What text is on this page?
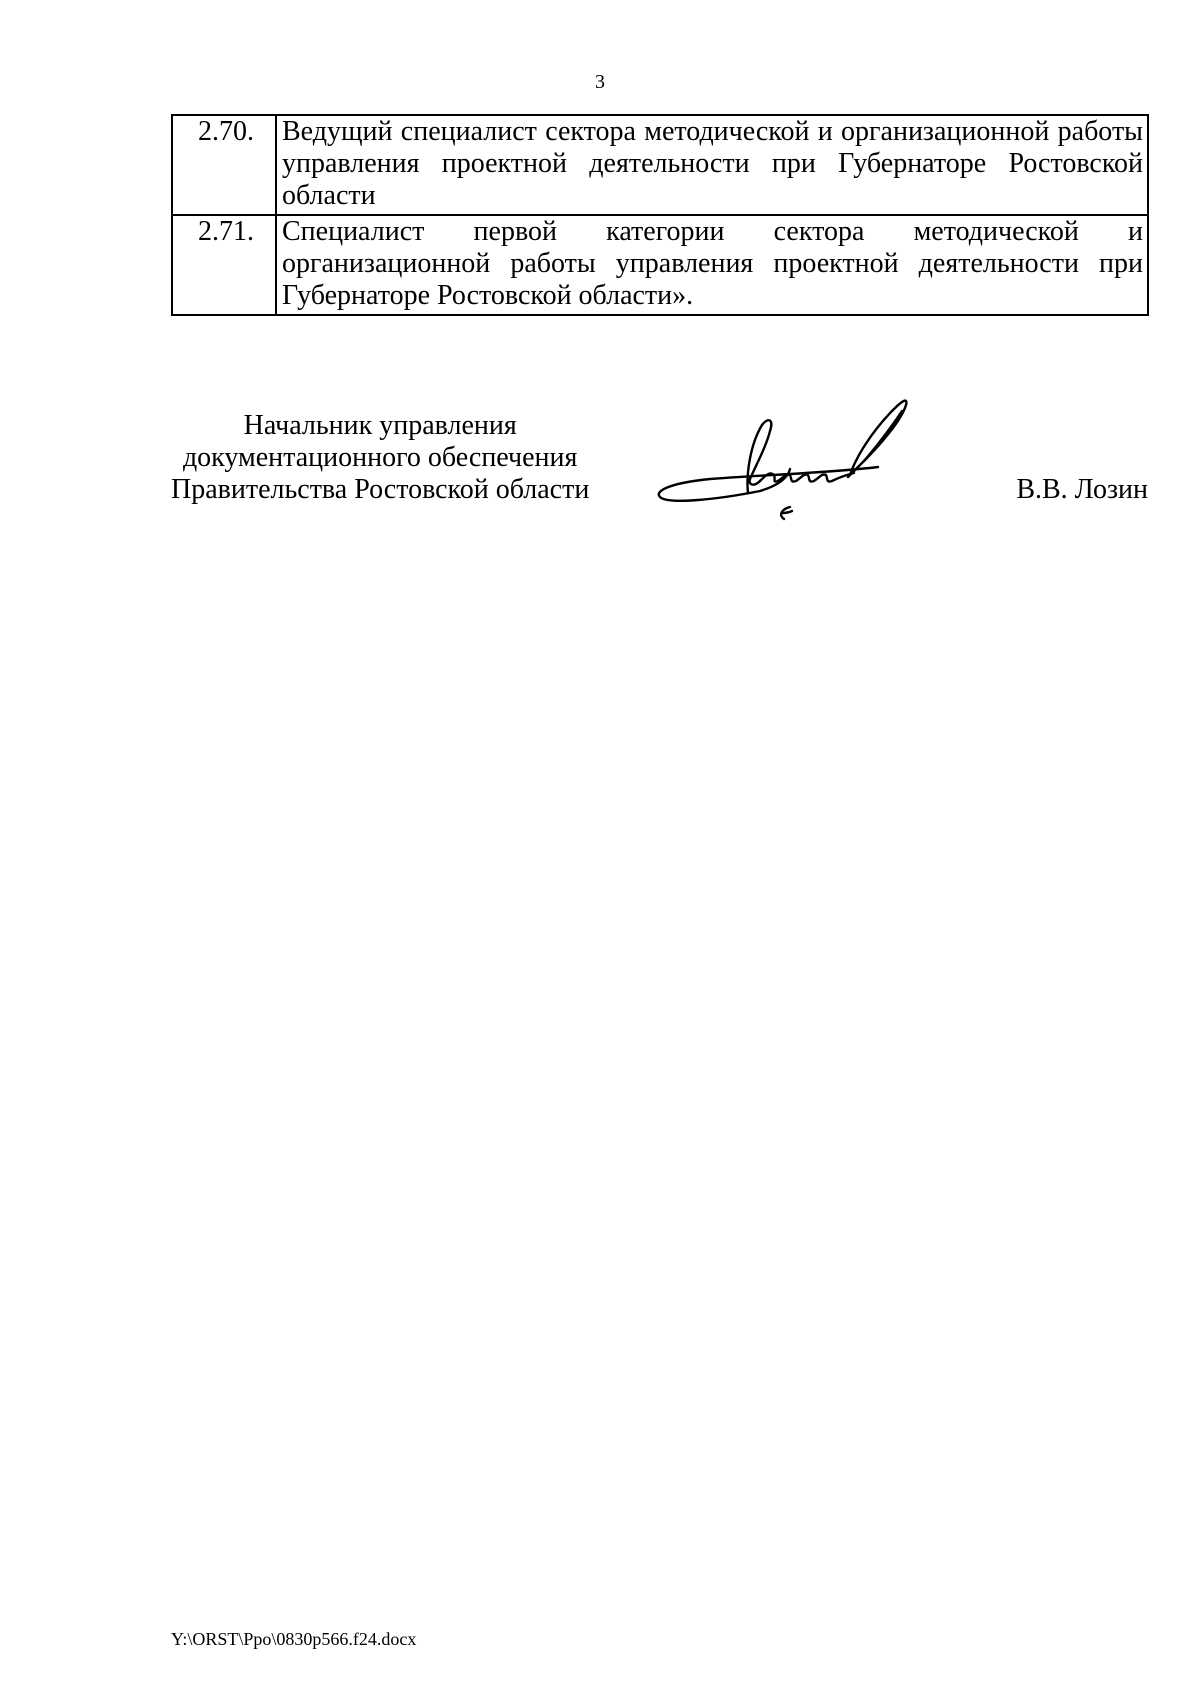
3
2.70.	Ведущий специалист сектора методической и организационной работы управления проектной деятельности при Губернаторе Ростовской области
2.71.	Специалист первой категории сектора методической и организационной работы управления проектной деятельности при Губернаторе Ростовской области».
Начальник управления
документационного обеспечения
Правительства Ростовской области	В.В. Лозин
Y:\ORST\Ppo\0830p566.f24.docx
